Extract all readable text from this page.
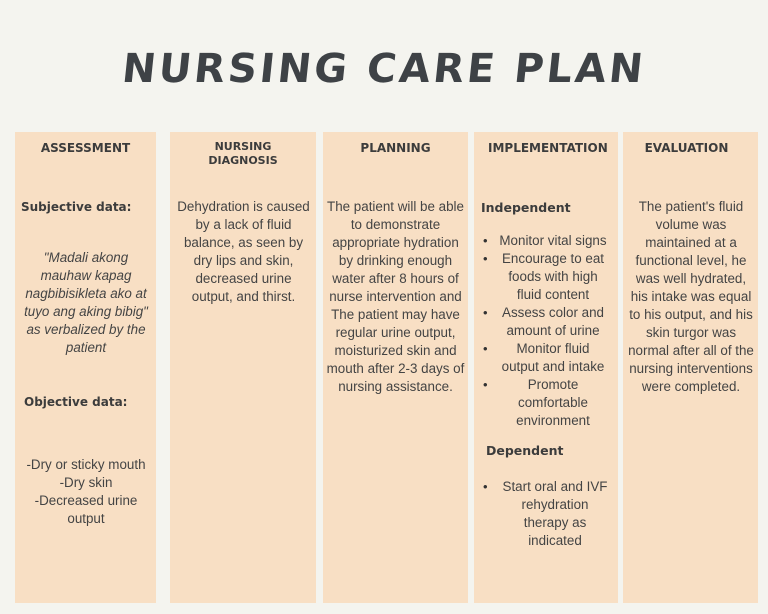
NURSING CARE PLAN
ASSESSMENT
Subjective data:
"Madali akong mauhaw kapag nagbibisikleta ako at tuyo ang aking bibig" as verbalized by the patient
Objective data:
-Dry or sticky mouth
-Dry skin
-Decreased urine output
NURSING
DIAGNOSIS
Dehydration is caused by a lack of fluid balance, as seen by dry lips and skin, decreased urine output, and thirst.
PLANNING
The patient will be able to demonstrate appropriate hydration by drinking enough water after 8 hours of nurse intervention and The patient may have regular urine output, moisturized skin and mouth after 2-3 days of nursing assistance.
IMPLEMENTATION
Independent
• Monitor vital signs
• Encourage to eat foods with high fluid content
• Assess color and amount of urine
• Monitor fluid output and intake
• Promote comfortable environment
Dependent
• Start oral and IVF rehydration therapy as indicated
EVALUATION
The patient's fluid volume was maintained at a functional level, he was well hydrated, his intake was equal to his output, and his skin turgor was normal after all of the nursing interventions were completed.
